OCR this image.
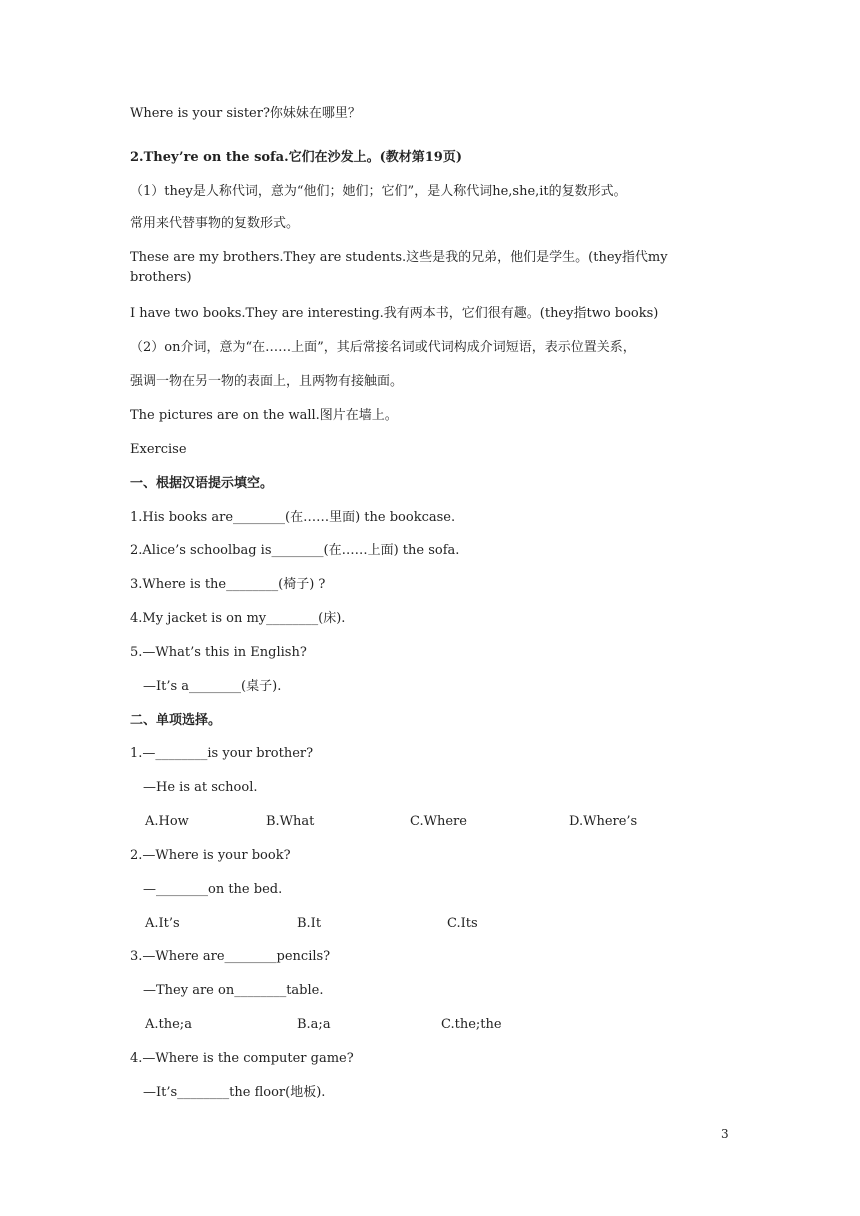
Where is your sister?你妹妹在哪里？
2.They’re on the sofa.它们在沙发上。(教材第19页)
（1）they是人称代词，意为“他们；她们；它们”，是人称代词he,she,it的复数形式。
常用来代替事物的复数形式。
These are my brothers.They are students.这些是我的兄弟，他们是学生。(they指代my brothers)
I have two books.They are interesting.我有两本书，它们很有趣。(they指two books)
（2）on介词，意为“在……上面”，其后常接名词或代词构成介词短语，表示位置关系，
强调一物在另一物的表面上，且两物有接触面。
The pictures are on the wall.图片在墙上。
Exercise
一、根据汉语提示填空。
1.His books are________(在……里面) the bookcase.
2.Alice’s schoolbag is________(在……上面) the sofa.
3.Where is the________(椅子) ?
4.My jacket is on my________(床).
5.—What’s this in English?
—It’s a________(桌子).
二、单项选择。
1.—________is your brother?
—He is at school.
A.How	B.What	C.Where	D.Where’s
2.—Where is your book?
—________on the bed.
A.It’s	B.It	C.Its
3.—Where are________pencils?
—They are on________table.
A.the;a	B.a;a	C.the;the
4.—Where is the computer game?
—It’s________the floor(地板).
3
